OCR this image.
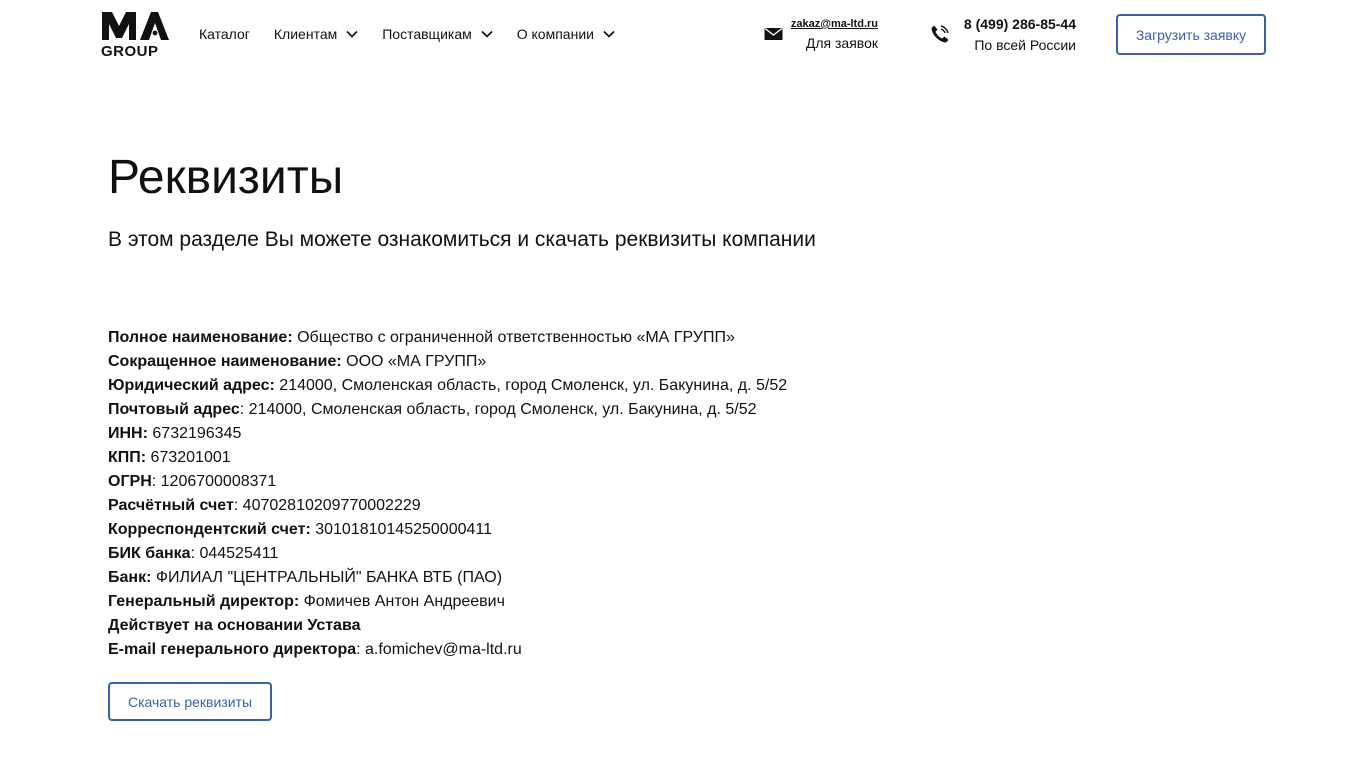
GROUP
Каталог Клиентам	Поставщикам	О компании
zakaz@ma-ltd.ru
Для заявок
8 (499) 286-85-44
По всей России
Загрузить заявку
Реквизиты

В этом разделе Вы можете ознакомиться и скачать реквизиты компании

Полное наименование: Общество с ограниченной ответственностью «МА ГРУПП»
Сокращенное наименование: ООО «МА ГРУПП»
Юридический адрес: 214000, Смоленская область, город Смоленск, ул. Бакунина, д. 5/52
Почтовый адрес: 214000, Смоленская область, город Смоленск, ул. Бакунина, д. 5/52
ИНН: 6732196345
КПП: 673201001
ОГРН: 1206700008371
Расчётный счет: 40702810209770002229
Корреспондентский счет: 30101810145250000411
БИК банка: 044525411
Банк: ФИЛИАЛ "ЦЕНТРАЛЬНЫЙ" БАНКА ВТБ (ПАО)
Генеральный директор: Фомичев Антон Андреевич
Действует на основании Устава
E-mail генерального директора: a.fomichev@ma-ltd.ru
Скачать реквизиты
